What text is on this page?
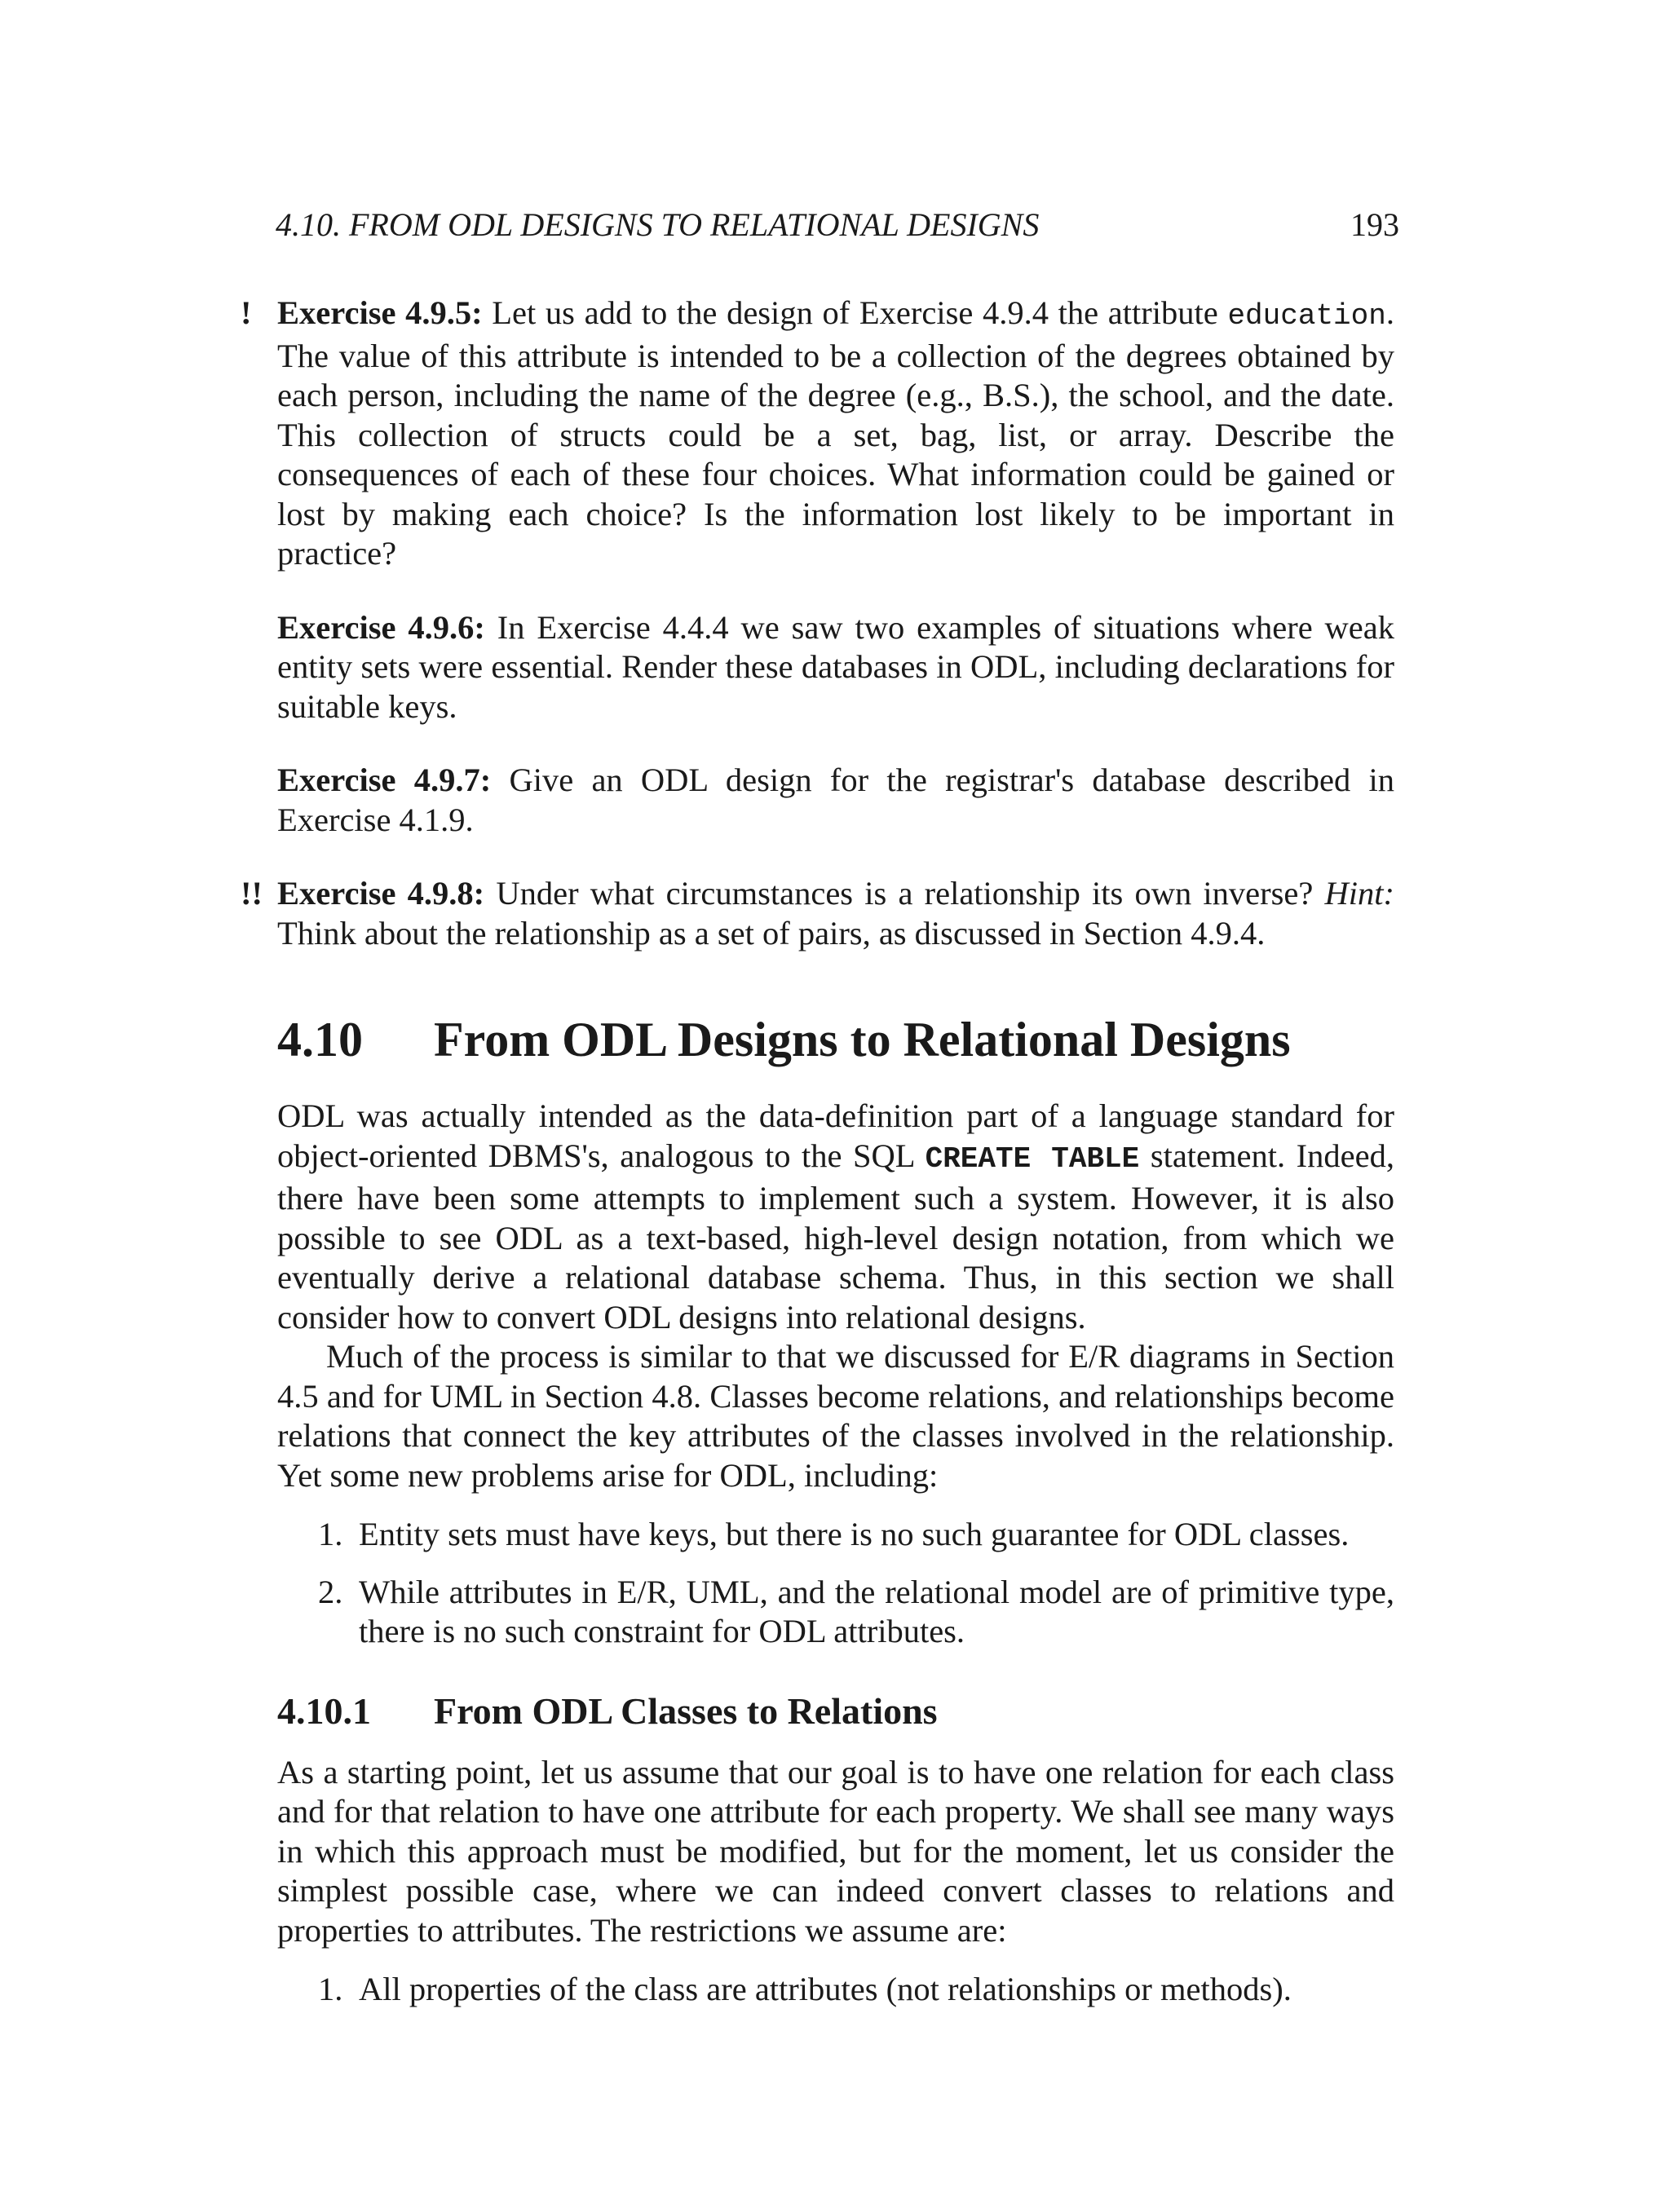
4.10. FROM ODL DESIGNS TO RELATIONAL DESIGNS	193
! Exercise 4.9.5: Let us add to the design of Exercise 4.9.4 the attribute education. The value of this attribute is intended to be a collection of the degrees obtained by each person, including the name of the degree (e.g., B.S.), the school, and the date. This collection of structs could be a set, bag, list, or array. Describe the consequences of each of these four choices. What information could be gained or lost by making each choice? Is the information lost likely to be important in practice?
Exercise 4.9.6: In Exercise 4.4.4 we saw two examples of situations where weak entity sets were essential. Render these databases in ODL, including declarations for suitable keys.
Exercise 4.9.7: Give an ODL design for the registrar's database described in Exercise 4.1.9.
!! Exercise 4.9.8: Under what circumstances is a relationship its own inverse? Hint: Think about the relationship as a set of pairs, as discussed in Section 4.9.4.
4.10 From ODL Designs to Relational Designs

ODL was actually intended as the data-definition part of a language standard for object-oriented DBMS's, analogous to the SQL CREATE TABLE statement. Indeed, there have been some attempts to implement such a system. However, it is also possible to see ODL as a text-based, high-level design notation, from which we eventually derive a relational database schema. Thus, in this section we shall consider how to convert ODL designs into relational designs.

Much of the process is similar to that we discussed for E/R diagrams in Section 4.5 and for UML in Section 4.8. Classes become relations, and relationships become relations that connect the key attributes of the classes involved in the relationship. Yet some new problems arise for ODL, including:

1. Entity sets must have keys, but there is no such guarantee for ODL classes.
2. While attributes in E/R, UML, and the relational model are of primitive type, there is no such constraint for ODL attributes.
4.10.1 From ODL Classes to Relations

As a starting point, let us assume that our goal is to have one relation for each class and for that relation to have one attribute for each property. We shall see many ways in which this approach must be modified, but for the moment, let us consider the simplest possible case, where we can indeed convert classes to relations and properties to attributes. The restrictions we assume are:

1. All properties of the class are attributes (not relationships or methods).
